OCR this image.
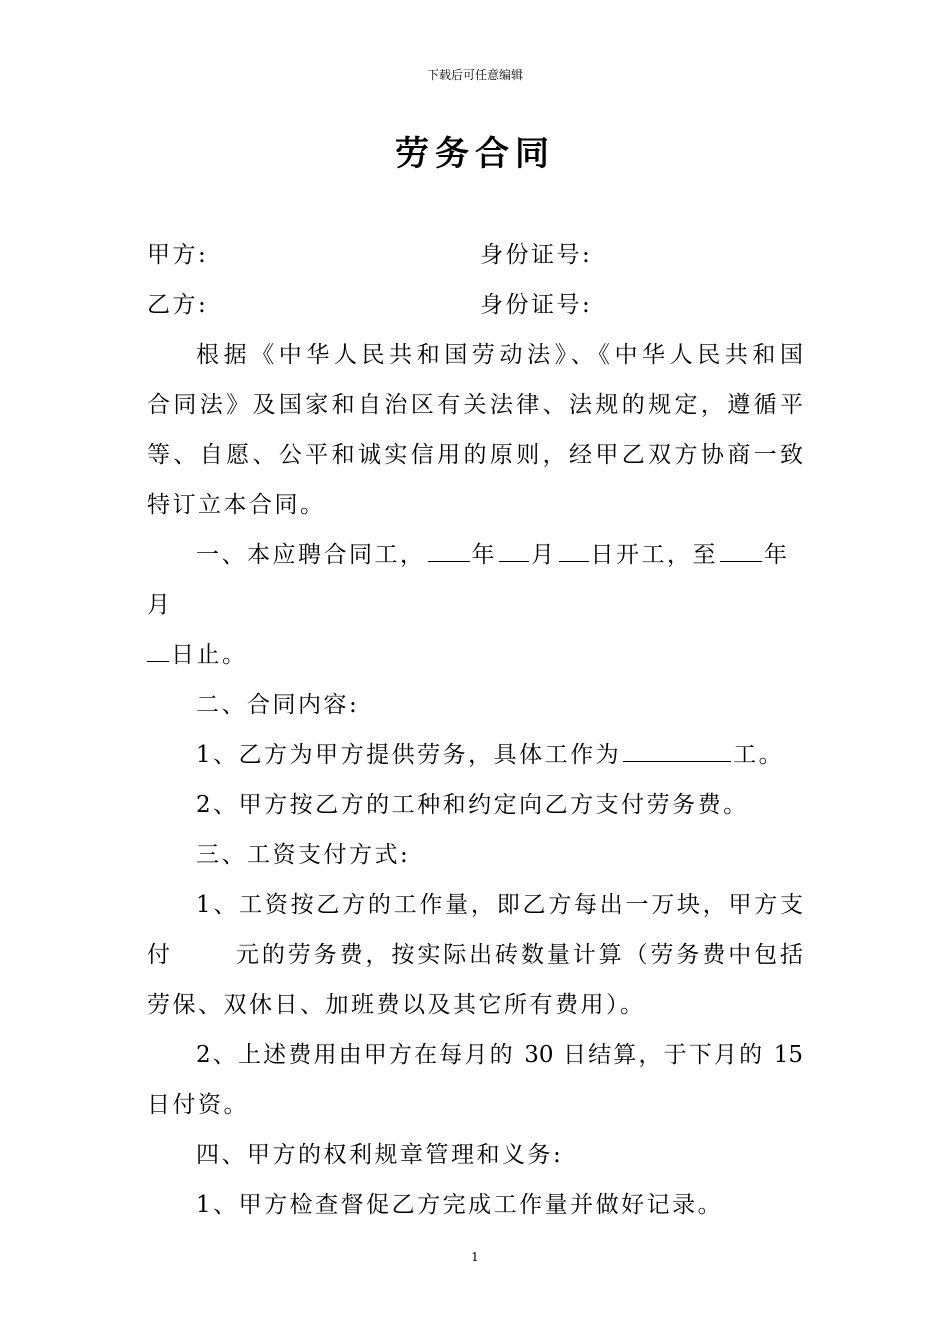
下载后可任意编辑
劳务合同
甲方:	身份证号:
乙方:	身份证号:
根据《中华人民共和国劳动法》、《中华人民共和国
合同法》及国家和自治区有关法律、法规的规定，遵循平
等、自愿、公平和诚实信用的原则，经甲乙双方协商一致
特订立本合同。
一、本应聘合同工， 年 月 日开工，至 年
月
日止。
二、合同内容:
1、乙方为甲方提供劳务，具体工作为	工。
2、甲方按乙方的工种和约定向乙方支付劳务费。
三、工资支付方式:
1、工资按乙方的工作量，即乙方每出一万块，甲方支
付	元的劳务费，按实际出砖数量计算（劳务费中包括
劳保、双休日、加班费以及其它所有费用）。
2、上述费用由甲方在每月的 30 日结算，于下月的 15
日付资。
四、甲方的权利规章管理和义务:
1、甲方检查督促乙方完成工作量并做好记录。
1
